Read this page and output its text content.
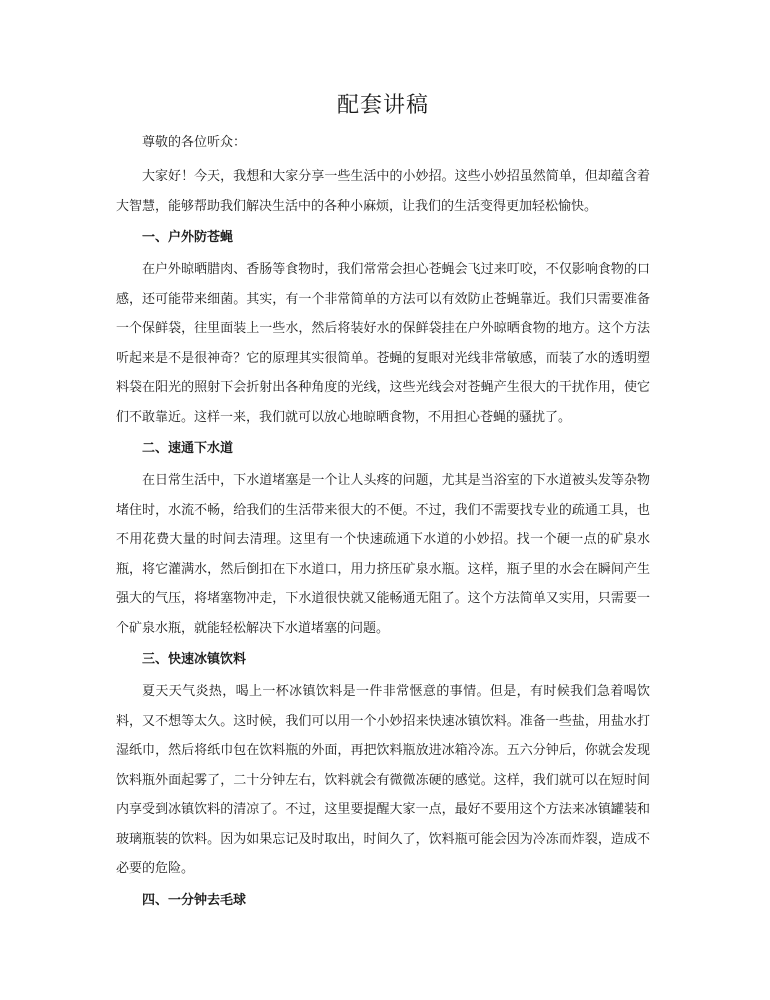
配套讲稿

尊敬的各位听众：

大家好！今天，我想和大家分享一些生活中的小妙招。这些小妙招虽然简单，但却蕴含着大智慧，能够帮助我们解决生活中的各种小麻烦，让我们的生活变得更加轻松愉快。

一、户外防苍蝇

在户外晾晒腊肉、香肠等食物时，我们常常会担心苍蝇会飞过来叮咬，不仅影响食物的口感，还可能带来细菌。其实，有一个非常简单的方法可以有效防止苍蝇靠近。我们只需要准备一个保鲜袋，往里面装上一些水，然后将装好水的保鲜袋挂在户外晾晒食物的地方。这个方法听起来是不是很神奇？它的原理其实很简单。苍蝇的复眼对光线非常敏感，而装了水的透明塑料袋在阳光的照射下会折射出各种角度的光线，这些光线会对苍蝇产生很大的干扰作用，使它们不敢靠近。这样一来，我们就可以放心地晾晒食物，不用担心苍蝇的骚扰了。

二、速通下水道

在日常生活中，下水道堵塞是一个让人头疼的问题，尤其是当浴室的下水道被头发等杂物堵住时，水流不畅，给我们的生活带来很大的不便。不过，我们不需要找专业的疏通工具，也不用花费大量的时间去清理。这里有一个快速疏通下水道的小妙招。找一个硬一点的矿泉水瓶，将它灌满水，然后倒扣在下水道口，用力挤压矿泉水瓶。这样，瓶子里的水会在瞬间产生强大的气压，将堵塞物冲走，下水道很快就又能畅通无阻了。这个方法简单又实用，只需要一个矿泉水瓶，就能轻松解决下水道堵塞的问题。

三、快速冰镇饮料

夏天天气炎热，喝上一杯冰镇饮料是一件非常惬意的事情。但是，有时候我们急着喝饮料，又不想等太久。这时候，我们可以用一个小妙招来快速冰镇饮料。准备一些盐，用盐水打湿纸巾，然后将纸巾包在饮料瓶的外面，再把饮料瓶放进冰箱冷冻。五六分钟后，你就会发现饮料瓶外面起雾了，二十分钟左右，饮料就会有微微冻硬的感觉。这样，我们就可以在短时间内享受到冰镇饮料的清凉了。不过，这里要提醒大家一点，最好不要用这个方法来冰镇罐装和玻璃瓶装的饮料。因为如果忘记及时取出，时间久了，饮料瓶可能会因为冷冻而炸裂，造成不必要的危险。

四、一分钟去毛球
